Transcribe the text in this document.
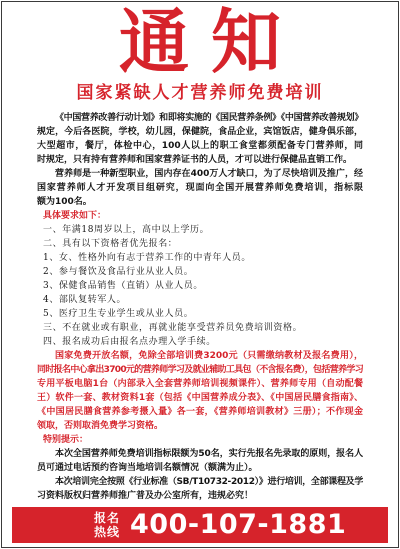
通知
国家紧缺人才营养师免费培训
《中国营养改善行动计划》和即将实施的《国民营养条例》《中国营养改善规划》
规定，今后各医院，学校，幼儿园，保健院，食品企业，宾馆饭店，健身俱乐部，
大型超市，餐厅，体检中心，100人以上的职工食堂都须配备专门营养师，同
时规定，只有持有营养师和国家营养证书的人员，才可以进行保健品直销工作。
营养师是一种新型职业，国内存在400万人才缺口，为了尽快培训及推广，经
国家营养师人才开发项目组研究，现面向全国开展营养师免费培训，指标限
额为100名。
具体要求如下：
一、年满18周岁以上，高中以上学历。
二、具有以下资格者优先报名：
1、女、性格外向有志于营养工作的中青年人员。
2、参与餐饮及食品行业从业人员。
3、保健食品销售（直销）从业人员。
4、部队复转军人。
5、医疗卫生专业学生或从业人员。
三、不在就业或有职业，再就业能享受营养员免费培训资格。
四、报名成功后由报名点办理入学手续。
国家免费开放名额，免除全部培训费3200元（只需缴纳教材及报名费用），
同时报名中心拿出3700元的营养师学习及就业辅助工具包（不含报名费），包括营养学习
专用平板电脑1台（内部录入全套营养师培训视频课件）、营养师专用（自动配餐
王）软件一套、教材资料1套（包括《中国营养成分表》、《中国居民膳食指南》、
《中国居民膳食营养参考摄入量》各一套，《营养师培训教材》三册）；不作现金
领取，否则取消免费学习资格。
特别提示：
本次全国营养师免费培训指标限额为50名，实行先报名先录取的原则，报名人
员可通过电话预约咨询当地培训名额情况（额满为止）。
本次培训完全按照《行业标准（SB/T10732-2012）》进行培训，全部课程及学
习资料版权归营养师推广普及办公室所有，违规必究！
报名
热线 400-107-1881
